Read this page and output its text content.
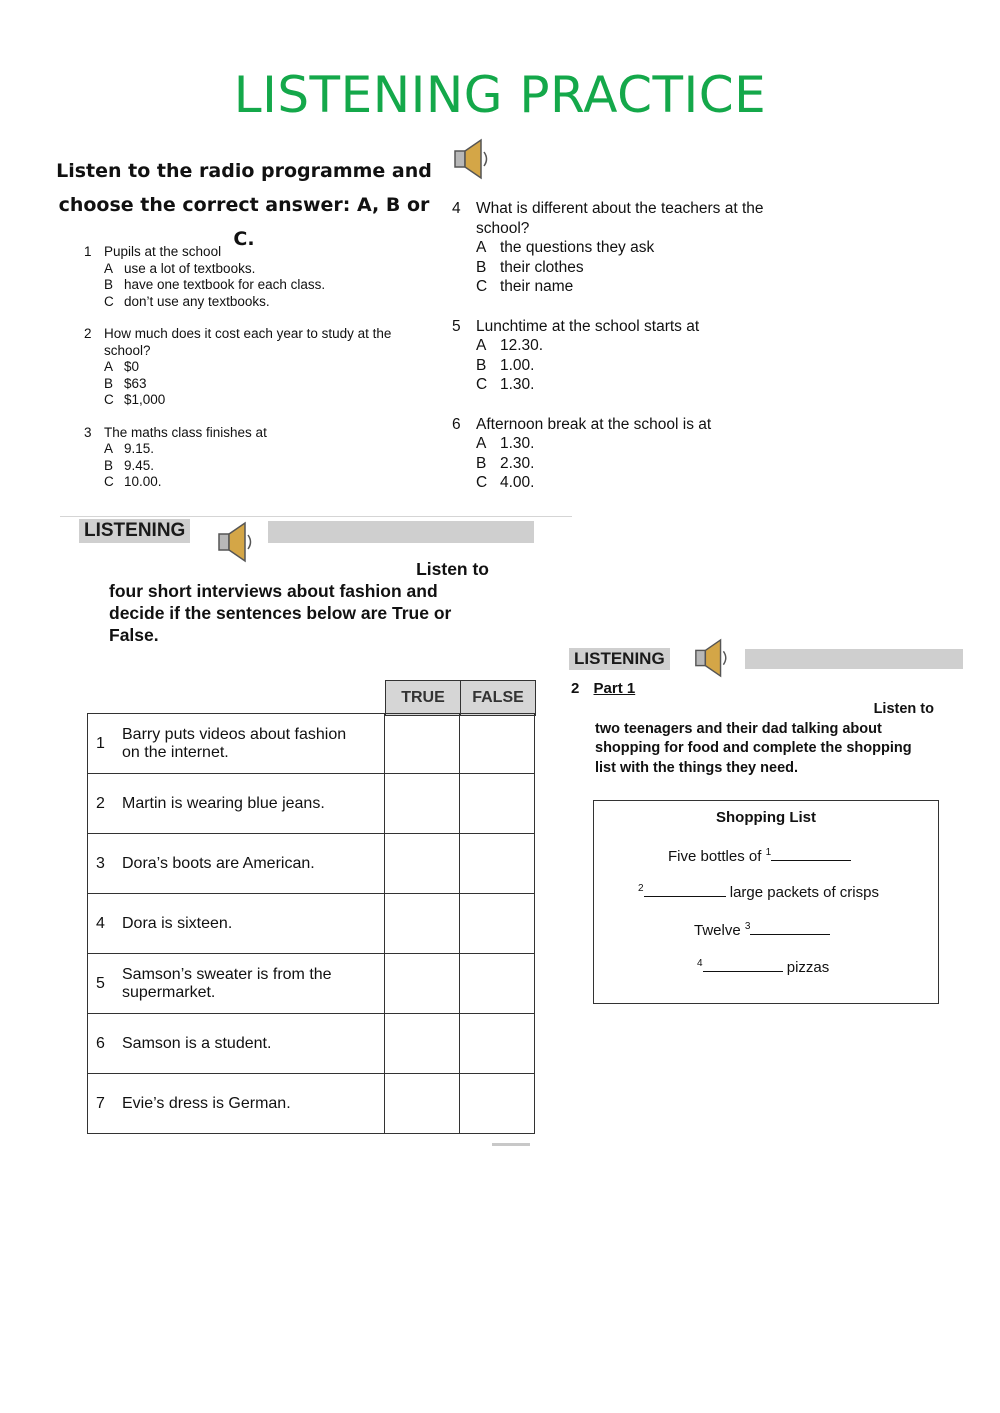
LISTENING PRACTICE
Listen to the radio programme and
choose the correct answer: A, B or C.
1 Pupils at the school
A use a lot of textbooks.
B have one textbook for each class.
C don’t use any textbooks.
2 How much does it cost each year to study at the
school?
A $0
B $63
C $1,000
3 The maths class finishes at
A 9.15.
B 9.45.
C 10.00.
4 What is different about the teachers at the
school?
A the questions they ask
B their clothes
C their name
5 Lunchtime at the school starts at
A 12.30.
B 1.00.
C 1.30.
6 Afternoon break at the school is at
A 1.30.
B 2.30.
C 4.00.
LISTENING
Listen to
four short interviews about fashion and
decide if the sentences below are True or
False.
	TRUE	FALSE
1
Barry puts videos about fashion
on the internet.		

2 Martin is wearing blue jeans.		

3 Dora’s boots are American.		

4 Dora is sixteen.		

5
Samson’s sweater is from the
supermarket.		

6 Samson is a student.		

7 Evie’s dress is German.		

LISTENING
2 Part 1
Listen to
two teenagers and their dad talking about
shopping for food and complete the shopping
list with the things they need.
Shopping List
Five bottles of $^1$
$^2$	large packets of crisps
Twelve $^3$
$^4$	pizzas
